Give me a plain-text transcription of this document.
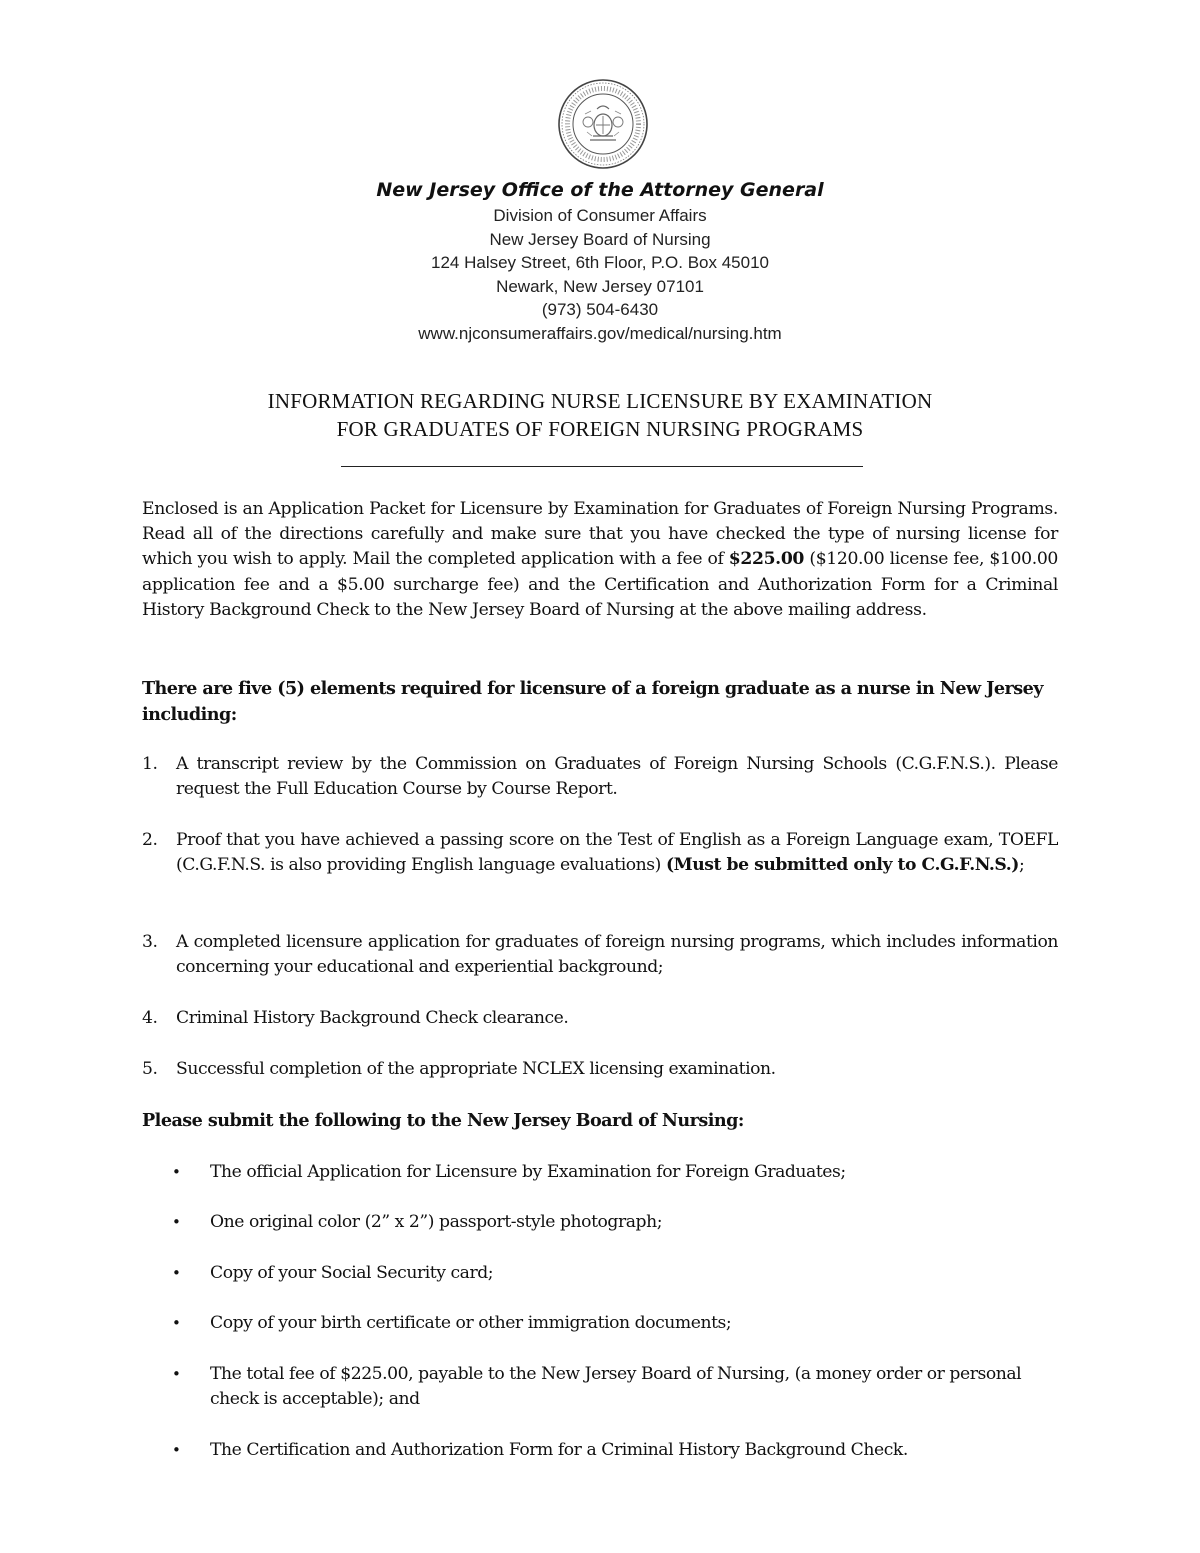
New Jersey Office of the Attorney General
Division of Consumer Affairs
New Jersey Board of Nursing
124 Halsey Street, 6th Floor, P.O. Box 45010
Newark, New Jersey 07101
(973) 504-6430
www.njconsumeraffairs.gov/medical/nursing.htm
INFORMATION REGARDING NURSE LICENSURE BY EXAMINATION
FOR GRADUATES OF FOREIGN NURSING PROGRAMS
Enclosed is an Application Packet for Licensure by Examination for Graduates of Foreign Nursing Programs. Read all of the directions carefully and make sure that you have checked the type of nursing license for which you wish to apply. Mail the completed application with a fee of $225.00 ($120.00 license fee, $100.00 application fee and a $5.00 surcharge fee) and the Certification and Authorization Form for a Criminal History Background Check to the New Jersey Board of Nursing at the above mailing address.
There are five (5) elements required for licensure of a foreign graduate as a nurse in New Jersey including:
1. A transcript review by the Commission on Graduates of Foreign Nursing Schools (C.G.F.N.S.). Please request the Full Education Course by Course Report.
2. Proof that you have achieved a passing score on the Test of English as a Foreign Language exam, TOEFL (C.G.F.N.S. is also providing English language evaluations) (Must be submitted only to C.G.F.N.S.);
3. A completed licensure application for graduates of foreign nursing programs, which includes information concerning your educational and experiential background;
4. Criminal History Background Check clearance.
5. Successful completion of the appropriate NCLEX licensing examination.
Please submit the following to the New Jersey Board of Nursing:
• The official Application for Licensure by Examination for Foreign Graduates;
• One original color (2” x 2”) passport-style photograph;
• Copy of your Social Security card;
• Copy of your birth certificate or other immigration documents;
• The total fee of $225.00, payable to the New Jersey Board of Nursing, (a money order or personal check is acceptable); and
• The Certification and Authorization Form for a Criminal History Background Check.
